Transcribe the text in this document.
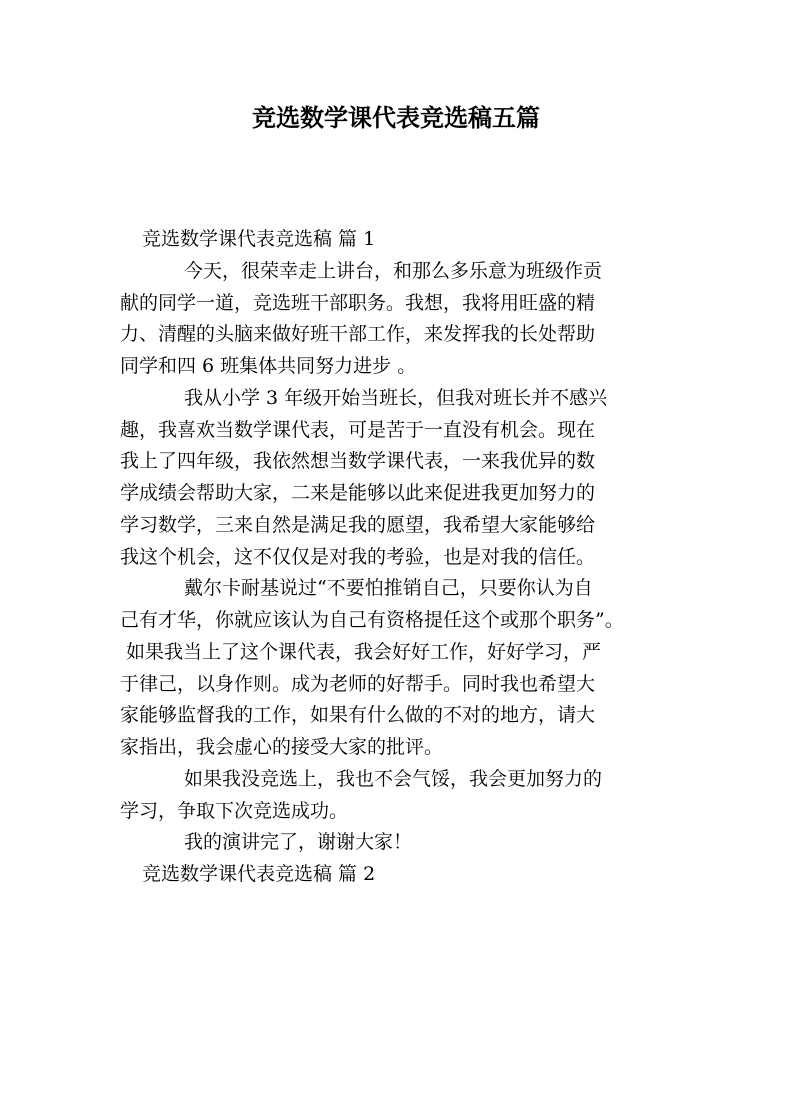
竞选数学课代表竞选稿五篇
竞选数学课代表竞选稿 篇 1
今天，很荣幸走上讲台，和那么多乐意为班级作贡
献的同学一道，竞选班干部职务。我想，我将用旺盛的精
力、清醒的头脑来做好班干部工作，来发挥我的长处帮助
同学和四 6 班集体共同努力进步 。
我从小学 3 年级开始当班长，但我对班长并不感兴
趣，我喜欢当数学课代表，可是苦于一直没有机会。现在
我上了四年级，我依然想当数学课代表，一来我优异的数
学成绩会帮助大家，二来是能够以此来促进我更加努力的
学习数学，三来自然是满足我的愿望，我希望大家能够给
我这个机会，这不仅仅是对我的考验，也是对我的信任。
戴尔卡耐基说过“不要怕推销自己，只要你认为自
己有才华，你就应该认为自己有资格提任这个或那个职务”。
如果我当上了这个课代表，我会好好工作，好好学习，严
于律己，以身作则。成为老师的好帮手。同时我也希望大
家能够监督我的工作，如果有什么做的不对的地方，请大
家指出，我会虚心的接受大家的批评。
如果我没竞选上，我也不会气馁，我会更加努力的
学习，争取下次竞选成功。
我的演讲完了，谢谢大家！
竞选数学课代表竞选稿 篇 2
